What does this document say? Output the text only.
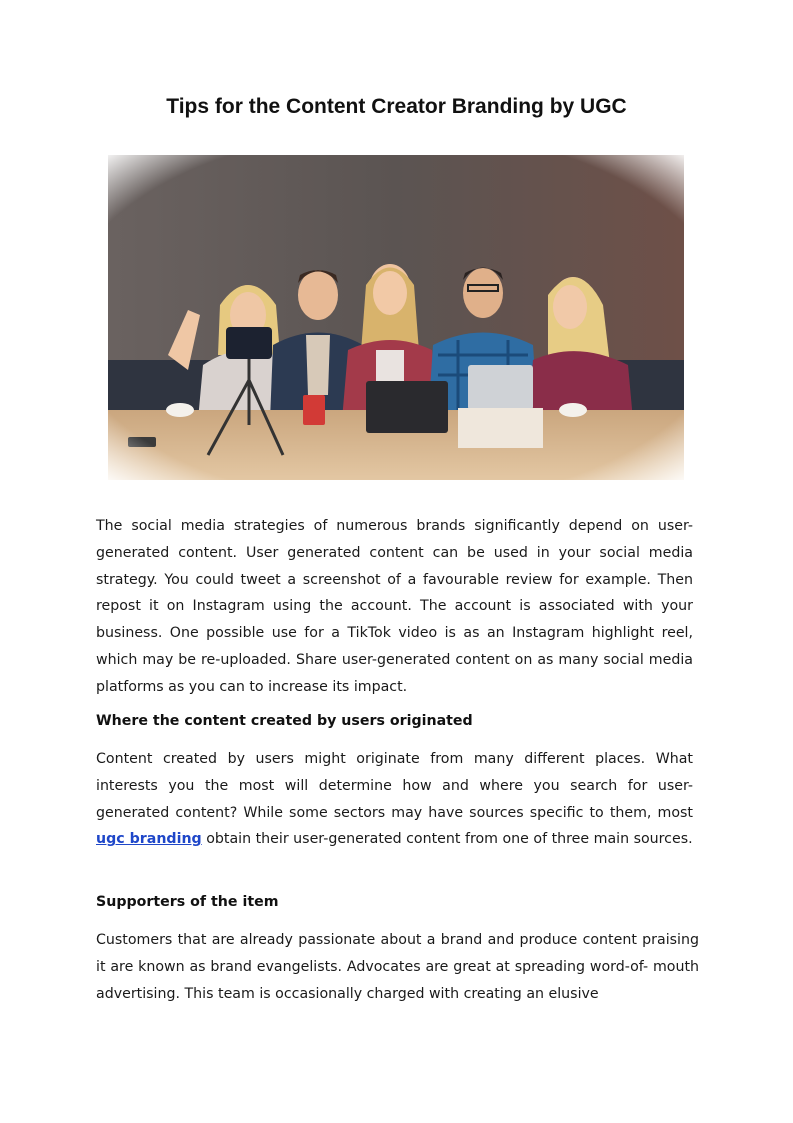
Tips for the Content Creator Branding by UGC

The social media strategies of numerous brands significantly depend on user-generated content. User generated content can be used in your social media strategy. You could tweet a screenshot of a favourable review for example. Then repost it on Instagram using the account. The account is associated with your business. One possible use for a TikTok video is as an Instagram highlight reel, which may be re-uploaded. Share user-generated content on as many social media platforms as you can to increase its impact.

Where the content created by users originated

Content created by users might originate from many different places. What interests you the most will determine how and where you search for user-generated content? While some sectors may have sources specific to them, most ugc branding obtain their user-generated content from one of three main sources.

Supporters of the item

Customers that are already passionate about a brand and produce content praising it are known as brand evangelists. Advocates are great at spreading word-of- mouth advertising. This team is occasionally charged with creating an elusive
